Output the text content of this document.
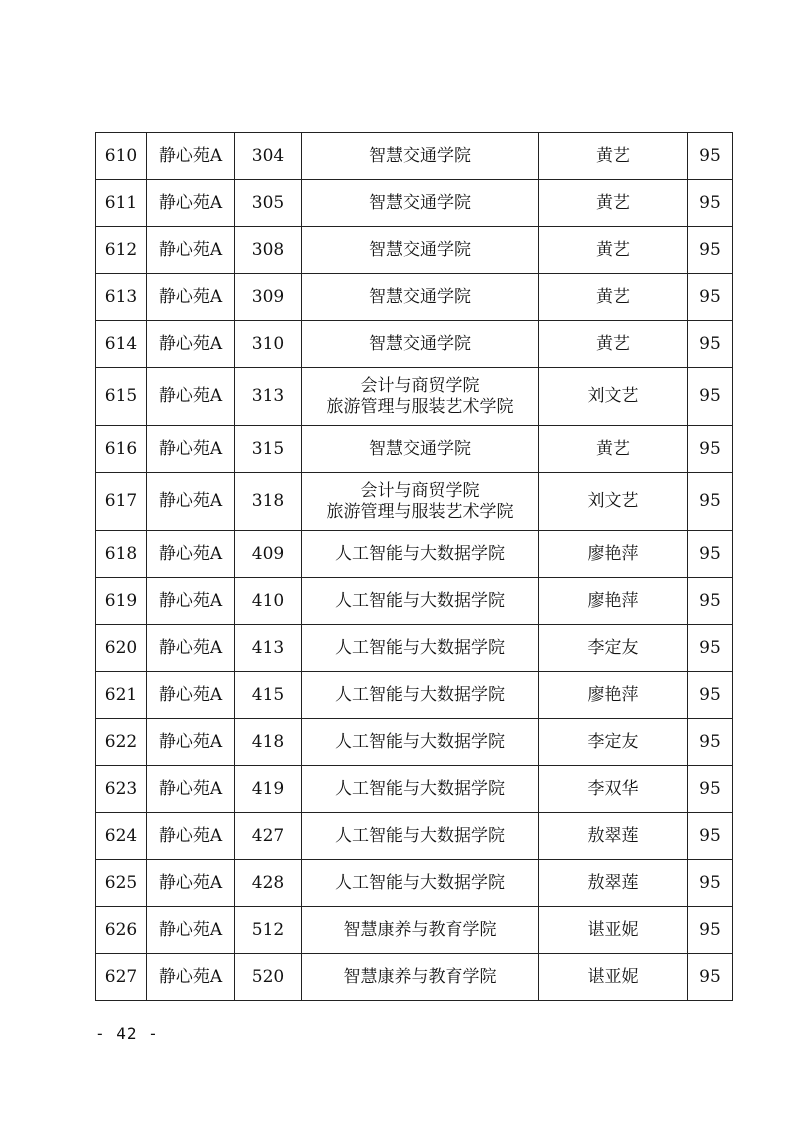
610	静心苑A	304	智慧交通学院	黄艺	95
611	静心苑A	305	智慧交通学院	黄艺	95
612	静心苑A	308	智慧交通学院	黄艺	95
613	静心苑A	309	智慧交通学院	黄艺	95
614	静心苑A	310	智慧交通学院	黄艺	95
615	静心苑A	313	会计与商贸学院
旅游管理与服装艺术学院	刘文艺	95
616	静心苑A	315	智慧交通学院	黄艺	95
617	静心苑A	318	会计与商贸学院
旅游管理与服装艺术学院	刘文艺	95
618	静心苑A	409	人工智能与大数据学院	廖艳萍	95
619	静心苑A	410	人工智能与大数据学院	廖艳萍	95
620	静心苑A	413	人工智能与大数据学院	李定友	95
621	静心苑A	415	人工智能与大数据学院	廖艳萍	95
622	静心苑A	418	人工智能与大数据学院	李定友	95
623	静心苑A	419	人工智能与大数据学院	李双华	95
624	静心苑A	427	人工智能与大数据学院	敖翠莲	95
625	静心苑A	428	人工智能与大数据学院	敖翠莲	95
626	静心苑A	512	智慧康养与教育学院	谌亚妮	95
627	静心苑A	520	智慧康养与教育学院	谌亚妮	95
- 42 -
